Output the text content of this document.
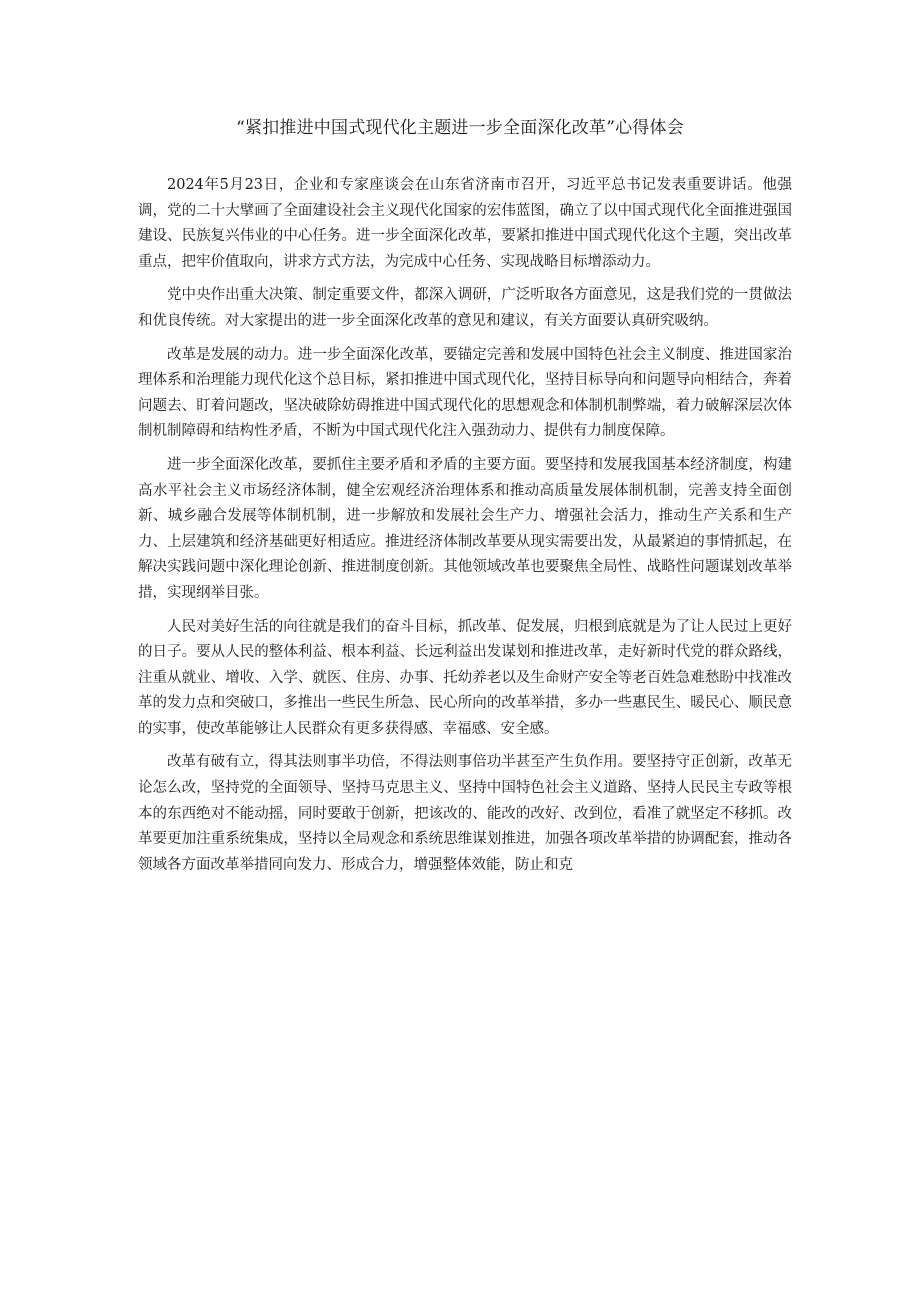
“紧扣推进中国式现代化主题进一步全面深化改革”心得体会

2024年5月23日，企业和专家座谈会在山东省济南市召开，习近平总书记发表重要讲话。他强调，党的二十大擘画了全面建设社会主义现代化国家的宏伟蓝图，确立了以中国式现代化全面推进强国建设、民族复兴伟业的中心任务。进一步全面深化改革，要紧扣推进中国式现代化这个主题，突出改革重点，把牢价值取向，讲求方式方法，为完成中心任务、实现战略目标增添动力。

党中央作出重大决策、制定重要文件，都深入调研，广泛听取各方面意见，这是我们党的一贯做法和优良传统。对大家提出的进一步全面深化改革的意见和建议，有关方面要认真研究吸纳。

改革是发展的动力。进一步全面深化改革，要锚定完善和发展中国特色社会主义制度、推进国家治理体系和治理能力现代化这个总目标，紧扣推进中国式现代化，坚持目标导向和问题导向相结合，奔着问题去、盯着问题改，坚决破除妨碍推进中国式现代化的思想观念和体制机制弊端，着力破解深层次体制机制障碍和结构性矛盾，不断为中国式现代化注入强劲动力、提供有力制度保障。

进一步全面深化改革，要抓住主要矛盾和矛盾的主要方面。要坚持和发展我国基本经济制度，构建高水平社会主义市场经济体制，健全宏观经济治理体系和推动高质量发展体制机制，完善支持全面创新、城乡融合发展等体制机制，进一步解放和发展社会生产力、增强社会活力，推动生产关系和生产力、上层建筑和经济基础更好相适应。推进经济体制改革要从现实需要出发，从最紧迫的事情抓起，在解决实践问题中深化理论创新、推进制度创新。其他领域改革也要聚焦全局性、战略性问题谋划改革举措，实现纲举目张。

人民对美好生活的向往就是我们的奋斗目标，抓改革、促发展，归根到底就是为了让人民过上更好的日子。要从人民的整体利益、根本利益、长远利益出发谋划和推进改革，走好新时代党的群众路线，注重从就业、增收、入学、就医、住房、办事、托幼养老以及生命财产安全等老百姓急难愁盼中找准改革的发力点和突破口，多推出一些民生所急、民心所向的改革举措，多办一些惠民生、暖民心、顺民意的实事，使改革能够让人民群众有更多获得感、幸福感、安全感。

改革有破有立，得其法则事半功倍，不得法则事倍功半甚至产生负作用。要坚持守正创新，改革无论怎么改，坚持党的全面领导、坚持马克思主义、坚持中国特色社会主义道路、坚持人民民主专政等根本的东西绝对不能动摇，同时要敢于创新，把该改的、能改的改好、改到位，看准了就坚定不移抓。改革要更加注重系统集成，坚持以全局观念和系统思维谋划推进，加强各项改革举措的协调配套，推动各领域各方面改革举措同向发力、形成合力，增强整体效能，防止和克
